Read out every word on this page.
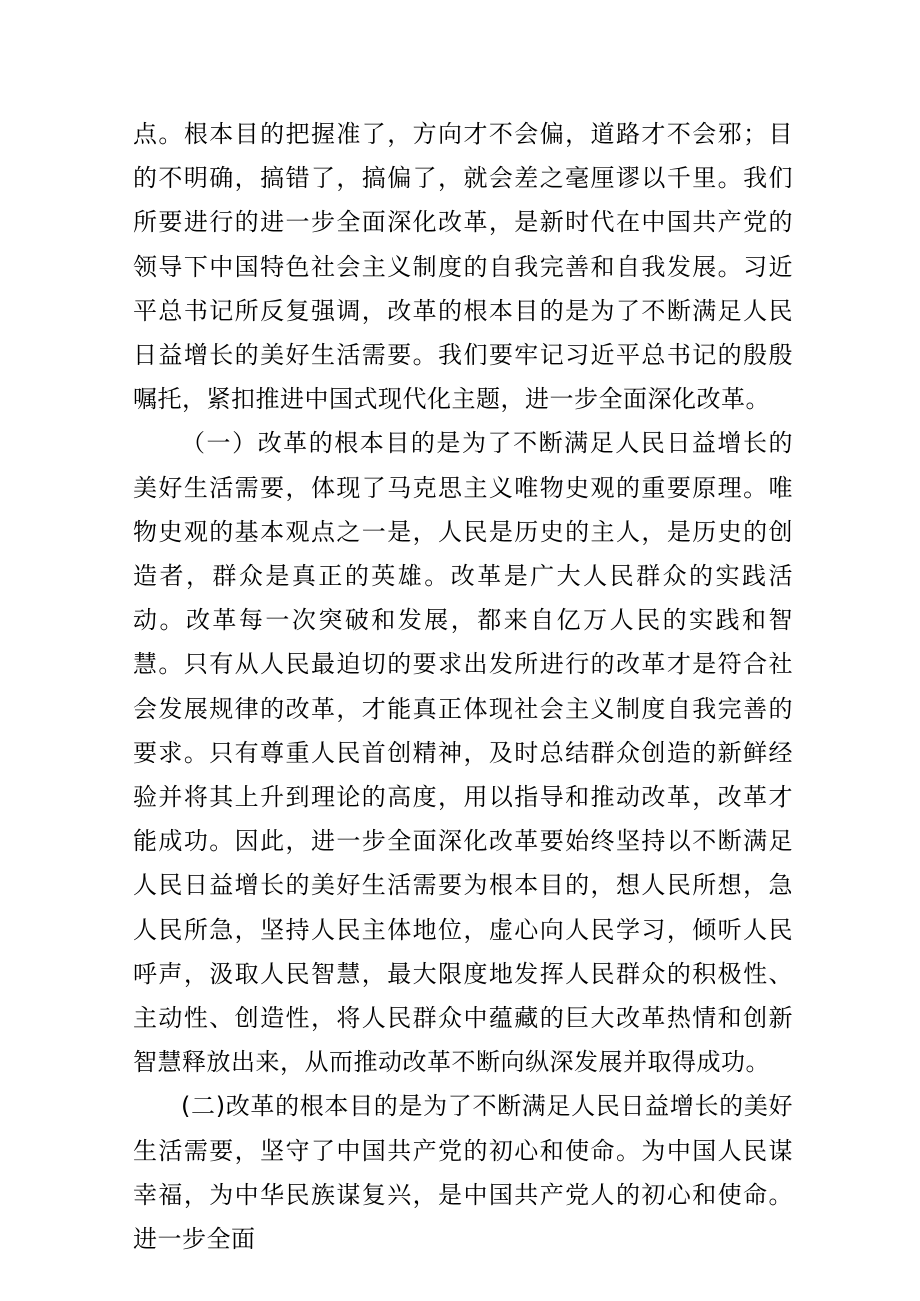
点。根本目的把握准了，方向才不会偏，道路才不会邪；目的不明确，搞错了，搞偏了，就会差之毫厘谬以千里。我们所要进行的进一步全面深化改革，是新时代在中国共产党的领导下中国特色社会主义制度的自我完善和自我发展。习近平总书记所反复强调，改革的根本目的是为了不断满足人民日益增长的美好生活需要。我们要牢记习近平总书记的殷殷嘱托，紧扣推进中国式现代化主题，进一步全面深化改革。

（一）改革的根本目的是为了不断满足人民日益增长的美好生活需要，体现了马克思主义唯物史观的重要原理。唯物史观的基本观点之一是，人民是历史的主人，是历史的创造者，群众是真正的英雄。改革是广大人民群众的实践活动。改革每一次突破和发展，都来自亿万人民的实践和智慧。只有从人民最迫切的要求出发所进行的改革才是符合社会发展规律的改革，才能真正体现社会主义制度自我完善的要求。只有尊重人民首创精神，及时总结群众创造的新鲜经验并将其上升到理论的高度，用以指导和推动改革，改革才能成功。因此，进一步全面深化改革要始终坚持以不断满足人民日益增长的美好生活需要为根本目的，想人民所想，急人民所急，坚持人民主体地位，虚心向人民学习，倾听人民呼声，汲取人民智慧，最大限度地发挥人民群众的积极性、主动性、创造性，将人民群众中蕴藏的巨大改革热情和创新智慧释放出来，从而推动改革不断向纵深发展并取得成功。

(二)改革的根本目的是为了不断满足人民日益增长的美好生活需要，坚守了中国共产党的初心和使命。为中国人民谋幸福，为中华民族谋复兴，是中国共产党人的初心和使命。进一步全面
